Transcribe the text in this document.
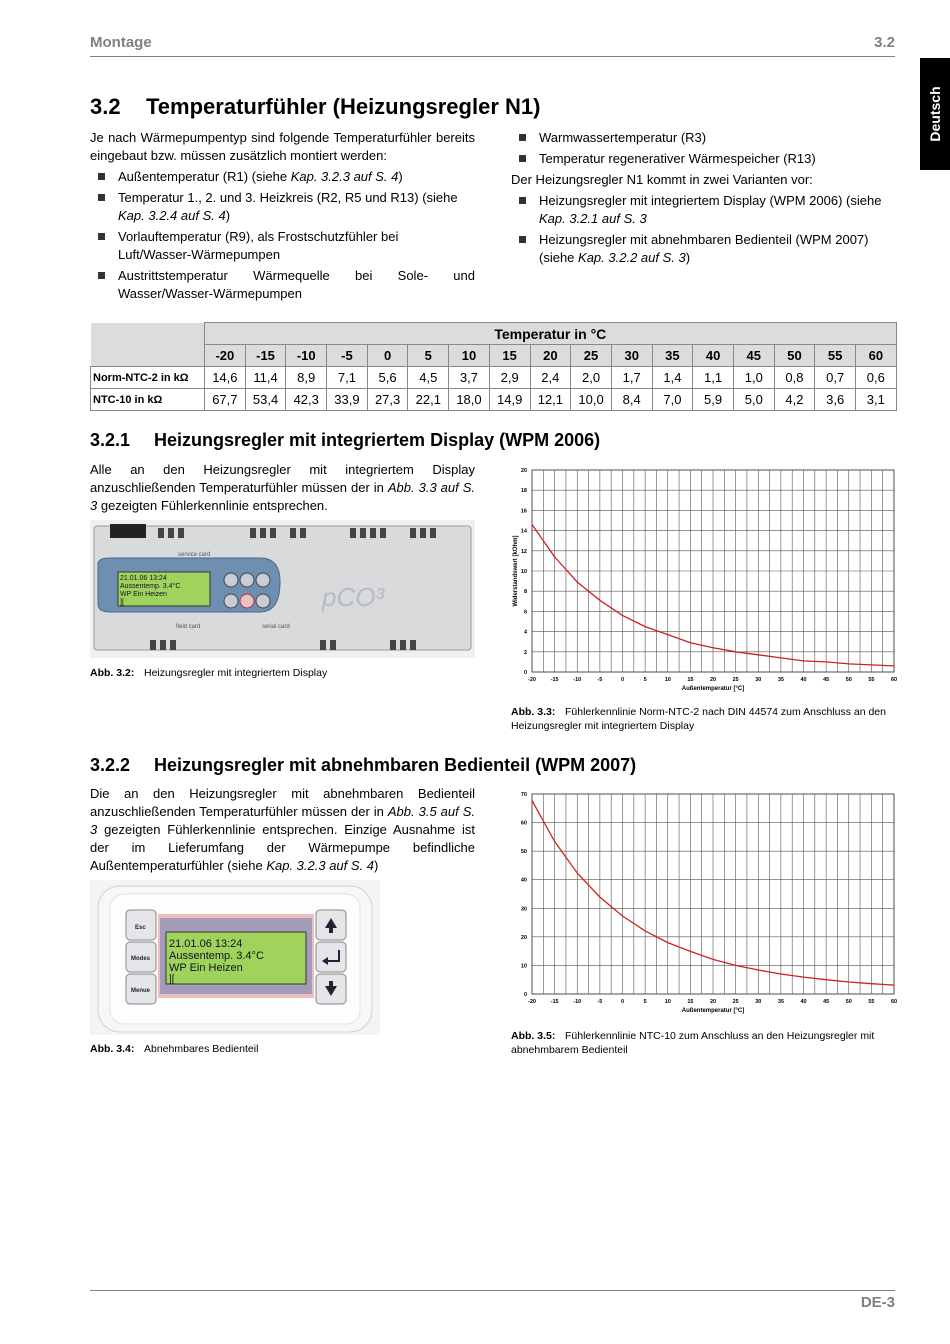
Montage	3.2
Deutsch
3.2 Temperaturfühler (Heizungsregler N1)

Je nach Wärmepumpentyp sind folgende Temperaturfühler bereits eingebaut bzw. müssen zusätzlich montiert werden:

Außentemperatur (R1) (siehe Kap. 3.2.3 auf S. 4)
Temperatur 1., 2. und 3. Heizkreis (R2, R5 und R13) (siehe Kap. 3.2.4 auf S. 4)
Vorlauftemperatur (R9), als Frostschutzfühler bei Luft/Wasser-Wärmepumpen
Austrittstemperatur Wärmequelle bei Sole- und Wasser/Wasser-Wärmepumpen
Warmwassertemperatur (R3)
Temperatur regenerativer Wärmespeicher (R13)

Der Heizungsregler N1 kommt in zwei Varianten vor:

Heizungsregler mit integriertem Display (WPM 2006) (siehe Kap. 3.2.1 auf S. 3
Heizungsregler mit abnehmbaren Bedienteil (WPM 2007) (siehe Kap. 3.2.2 auf S. 3)
	Temperatur in °C																
	-20	-15	-10	-5	0	5	10	15	20	25	30	35	40	45	50	55	60
Norm-NTC-2 in kΩ	14,6	11,4	8,9	7,1	5,6	4,5	3,7	2,9	2,4	2,0	1,7	1,4	1,1	1,0	0,8	0,7	0,6
NTC-10 in kΩ	67,7	53,4	42,3	33,9	27,3	22,1	18,0	14,9	12,1	10,0	8,4	7,0	5,9	5,0	4,2	3,6	3,1
3.2.1 Heizungsregler mit integriertem Display (WPM 2006)

Alle an den Heizungsregler mit integriertem Display anzuschließenden Temperaturfühler müssen der in Abb. 3.3 auf S. 3 gezeigten Fühlerkennlinie entsprechen.

service card
field card	serial card
21.01.06 13:24
Aussentemp. 3.4°C
WP Ein Heizen
][	pCO³
Abb. 3.2: Heizungsregler mit integriertem Display	0
2
4
6
8
10
12
14
16
18
20
-20	-15	-10	-5	0	5	10	15	20	25	30	35	40	45	50	55	60
Außentemperatur [°C]
Widerstandswert [kOhm]
Abb. 3.3: Fühlerkennlinie Norm-NTC-2 nach DIN 44574 zum Anschluss an den Heizungsregler mit integriertem Display
3.2.2 Heizungsregler mit abnehmbaren Bedienteil (WPM 2007)

Die an den Heizungsregler mit abnehmbaren Bedienteil anzuschließenden Temperaturfühler müssen der in Abb. 3.5 auf S. 3 gezeigten Fühlerkennlinie entsprechen. Einzige Ausnahme ist der im Lieferumfang der Wärmepumpe befindliche Außentemperaturfühler (siehe Kap. 3.2.3 auf S. 4)

Esc
Modes
Menue
21.01.06 13:24
Aussentemp. 3.4°C
WP Ein Heizen
][
Abb. 3.4: Abnehmbares Bedienteil
0
10
20
30
40
50
60
70
-20	-15	-10	-5	0	5	10	15	20	25	30	35	40	45	50	55	60
Außentemperatur [°C]
Abb. 3.5: Fühlerkennlinie NTC-10 zum Anschluss an den Heizungsregler mit abnehmbarem Bedienteil
DE-3
